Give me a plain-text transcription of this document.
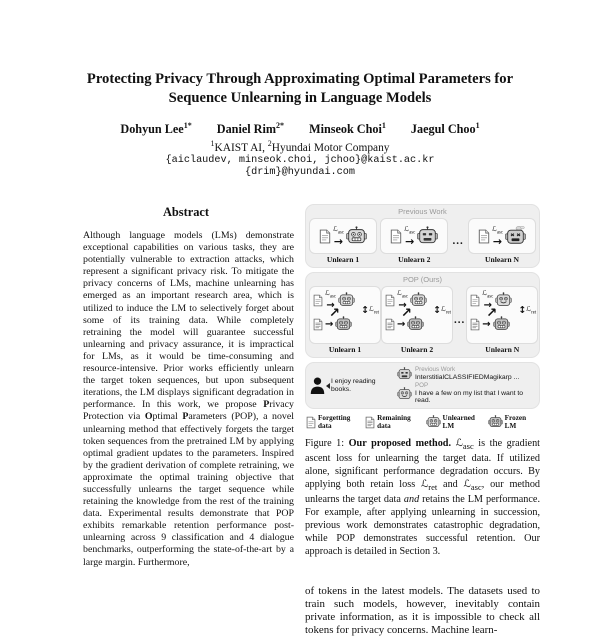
Protecting Privacy Through Approximating Optimal Parameters for
Sequence Unlearning in Language Models
Dohyun Lee$^{1*}$ Daniel Rim$^{2*}$ Minseok Choi$^1$ Jaegul Choo$^1$
$^1$KAIST AI, $^2$Hyundai Motor Company
{aiclaudev, minseok.choi, jchoo}@kaist.ac.kr
{drim}@hyundai.com
Abstract
Although language models (LMs) demonstrate exceptional capabilities on various tasks, they are potentially vulnerable to extraction attacks, which represent a significant privacy risk. To mitigate the privacy concerns of LMs, machine unlearning has emerged as an important research area, which is utilized to induce the LM to selectively forget about some of its training data. While completely retraining the model will guarantee successful unlearning and privacy assurance, it is impractical for LMs, as it would be time-consuming and resource-intensive. Prior works efficiently unlearn the target token sequences, but upon subsequent iterations, the LM displays significant degradation in performance. In this work, we propose Privacy Protection via Optimal Parameters (POP), a novel unlearning method that effectively forgets the target token sequences from the pretrained LM by applying optimal gradient updates to the parameters. Inspired by the gradient derivation of complete retraining, we approximate the optimal training objective that successfully unlearns the target sequence while retaining the knowledge from the rest of the training data. Experimental results demonstrate that POP exhibits remarkable retention performance post-unlearning across 9 classification and 4 dialogue benchmarks, outperforming the state-of-the-art by a large margin. Furthermore,
Previous Work
ℒ$_{asc}$
→
Unlearn 1
ℒ$_{asc}$
→
Unlearn 2
...
ℒ$_{asc}$
→
Unlearn N
POP (Ours)
ℒ$_{asc}$
→
→
↗ ↕ ℒ$_{ret}$
Unlearn 1
ℒ$_{asc}$
→
→
↗ ↕ ℒ$_{ret}$
Unlearn 2
...
ℒ$_{asc}$
→
→
↗ ↕ ℒ$_{ret}$
Unlearn N
I enjoy reading books.
Previous Work
InterstitialCLASSIFIEDMagikarp ...
POP
I have a few on my list that I want to read.
Forgetting data
Remaining data
Unlearned LM
Frozen LM
Figure 1: Our proposed method. ℒ$_{asc}$ is the gradient ascent loss for unlearning the target data. If utilized alone, significant performance degradation occurs. By applying both retain loss ℒ$_{ret}$ and ℒ$_{asc}$, our method unlearns the target data and retains the LM performance. For example, after applying unlearning in succession, previous work demonstrates catastrophic degradation, while POP demonstrates successful retention. Our approach is detailed in Section 3.
of tokens in the latest models. The datasets used to train such models, however, inevitably contain private information, as it is impossible to check all tokens for privacy concerns. Machine learn-
